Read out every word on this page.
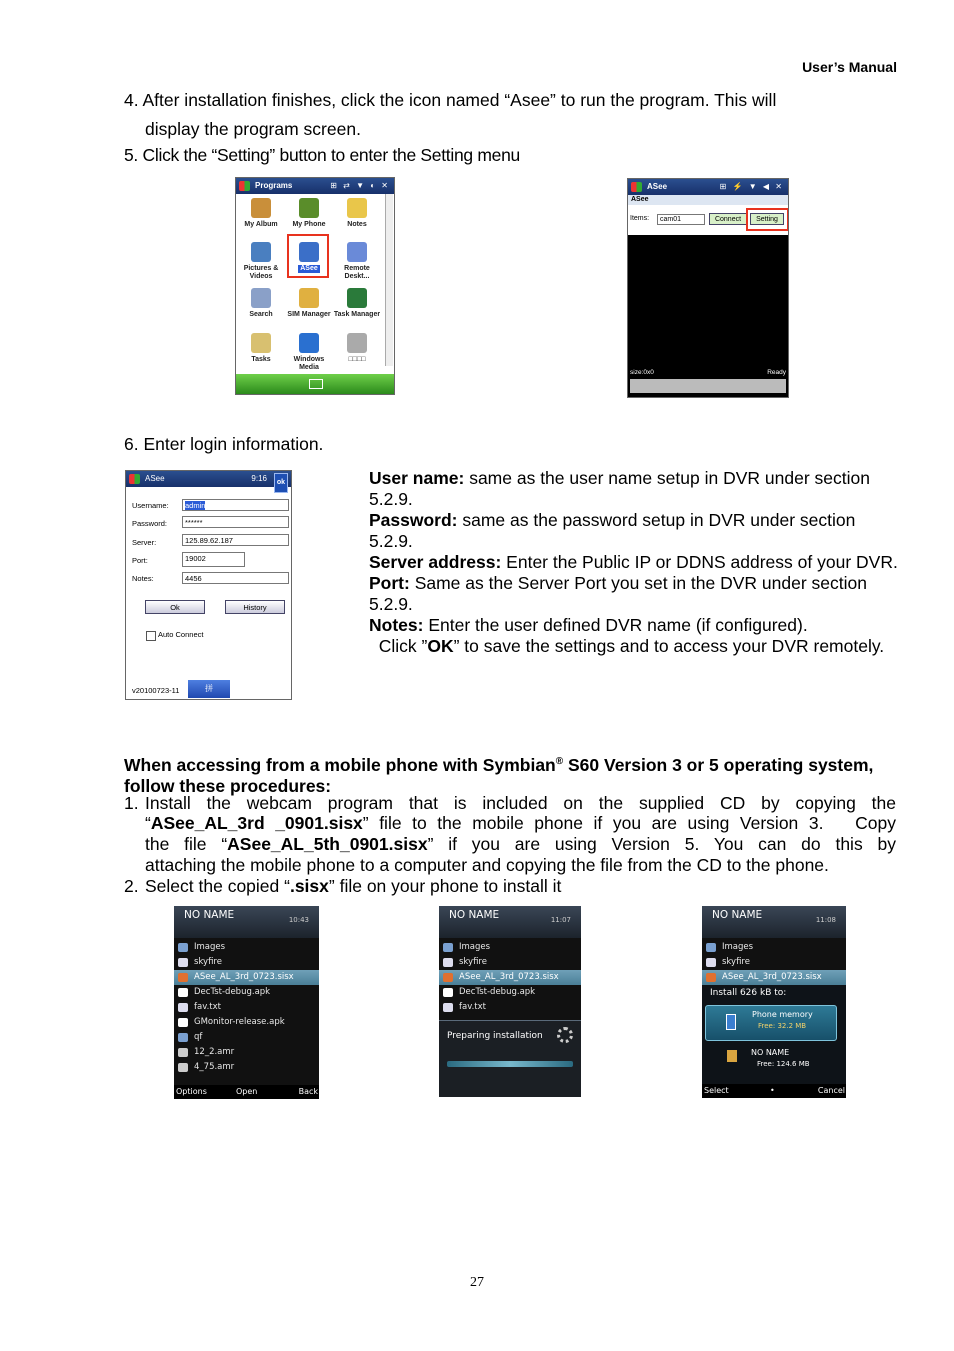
User’s Manual
4. After installation finishes, click the icon named “Asee” to run the program. This will
display the program screen.
5. Click the “Setting” button to enter the Setting menu
Programs	⊞ ⇄ ▼ ◐ ✕
My Album	My Phone	Notes
Pictures & Videos
ASee	Remote Deskt...
Search	SIM Manager Task Manager
Tasks	Windows Media
□□□□
ASee	⊞ ⚡ ▼ ◀ ✕
ASee
Items:	cam01	Connect	Setting
size:0x0	Ready
6. Enter login information.
ASee	9:16	ok
Username:	admin
Password:	******
Server:	125.89.62.187
Port:	19002
Notes:	4456
Ok	History
Auto Connect
v20100723-11	拼
User name: same as the user name setup in DVR under section 5.2.9.
Password: same as the password setup in DVR under section 5.2.9.
Server address: Enter the Public IP or DDNS address of your DVR.
Port: Same as the Server Port you set in the DVR under section 5.2.9.
Notes: Enter the user defined DVR name (if configured).
Click ”OK” to save the settings and to access your DVR remotely.
When accessing from a mobile phone with Symbian® S60 Version 3 or 5 operating system, follow these procedures:
1. Install  the  webcam  program  that  is  included  on  the  supplied  CD  by  copying  the
“ASee_AL_3rd _0901.sisx” file to the mobile phone if you are using Version 3.   Copy
the  file  “ASee_AL_5th_0901.sisx”  if  you  are  using  Version  5.  You  can  do  this  by
attaching the mobile phone to a computer and copying the file from the CD to the phone.
2. Select the copied “.sisx” file on your phone to install it
NO NAME	10:43
Options	Open	Back
Images
skyfire
ASee_AL_3rd_0723.sisx
DecTst-debug.apk
fav.txt
GMonitor-release.apk
qf
12_2.amr
4_75.amr
NO NAME	11:07
Preparing installation
Images
skyfire
ASee_AL_3rd_0723.sisx
DecTst-debug.apk
fav.txt
NO NAME	11:08
Install 626 kB to:
Phone memory
Free: 32.2 MB
NO NAME
Free: 124.6 MB
Select	•	Cancel
Images
skyfire
ASee_AL_3rd_0723.sisx
27
